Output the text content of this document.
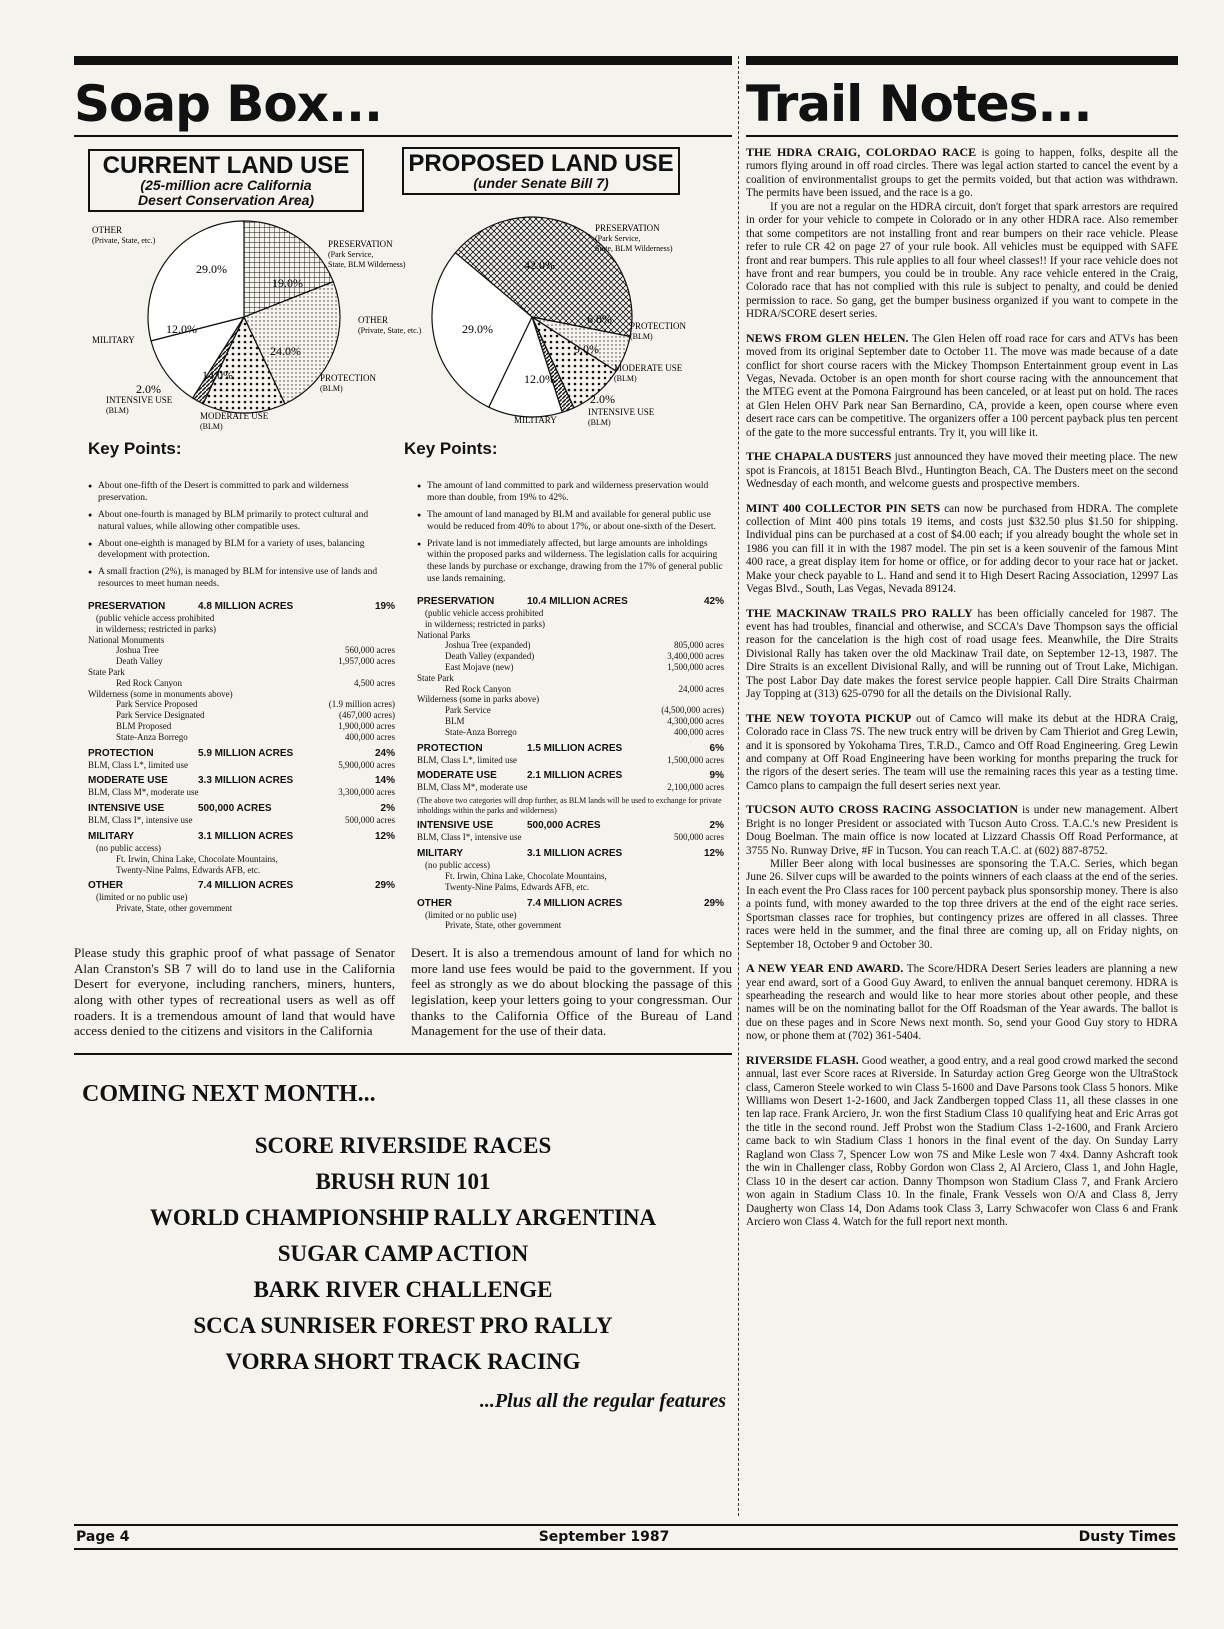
Soap Box...
OTHER
(Private, State, etc.)	PRESERVATION
(Park Service,
State, BLM Wilderness)
MILITARY
INTENSIVE USE
(BLM)
MODERATE USE
(BLM)
PROTECTION
(BLM)
29.0%
19.0%
12.0%
24.0%
14.0%
2.0%
PRESERVATION
(Park Service,
State, BLM Wilderness)
OTHER
(Private, State, etc.)	PROTECTION
(BLM)
MODERATE USE
(BLM)
INTENSIVE USE
(BLM)
MILITARY
42.0%
29.0%
6.0%
9.0%
12.0%
2.0%
CURRENT LAND USE
(25-million acre California
Desert Conservation Area)
PROPOSED LAND USE
(under Senate Bill 7)
Key Points:	Key Points:
● About one-fifth of the Desert is committed to park and wilderness preservation.
● About one-fourth is managed by BLM primarily to protect cultural and natural values, while allowing other compatible uses.
● About one-eighth is managed by BLM for a variety of uses, balancing development with protection.
● A small fraction (2%), is managed by BLM for intensive use of lands and resources to meet human needs.
PRESERVATION	4.8 MILLION ACRES	19%
(public vehicle access prohibited
in wilderness; restricted in parks)
National Monuments
Joshua Tree	560,000 acres
Death Valley	1,957,000 acres
State Park
Red Rock Canyon	4,500 acres
Wilderness (some in monuments above)
Park Service Proposed	(1.9 million acres)
Park Service Designated	(467,000 acres)
BLM Proposed	1,900,000 acres
State-Anza Borrego	400,000 acres
PROTECTION	5.9 MILLION ACRES	24%
BLM, Class L*, limited use	5,900,000 acres
MODERATE USE	3.3 MILLION ACRES	14%
BLM, Class M*, moderate use	3,300,000 acres
INTENSIVE USE	500,000 ACRES	2%
BLM, Class I*, intensive use	500,000 acres
MILITARY	3.1 MILLION ACRES	12%
(no public access)
Ft. Irwin, China Lake, Chocolate Mountains,
Twenty-Nine Palms, Edwards AFB, etc.
OTHER	7.4 MILLION ACRES	29%
(limited or no public use)
Private, State, other government
● The amount of land committed to park and wilderness preservation would more than double, from 19% to 42%.
● The amount of land managed by BLM and available for general public use would be reduced from 40% to about 17%, or about one-sixth of the Desert.
● Private land is not immediately affected, but large amounts are inholdings within the proposed parks and wilderness. The legislation calls for acquiring these lands by purchase or exchange, drawing from the 17% of general public use lands remaining.
PRESERVATION	10.4 MILLION ACRES	42%
(public vehicle access prohibited
in wilderness; restricted in parks)
National Parks
Joshua Tree (expanded)	805,000 acres
Death Valley (expanded)	3,400,000 acres
East Mojave (new)	1,500,000 acres
State Park
Red Rock Canyon	24,000 acres
Wilderness (some in parks above)
Park Service	(4,500,000 acres)
BLM	4,300,000 acres
State-Anza Borrego	400,000 acres
PROTECTION	1.5 MILLION ACRES	6%
BLM, Class L*, limited use	1,500,000 acres
MODERATE USE	2.1 MILLION ACRES	9%
BLM, Class M*, moderate use	2,100,000 acres
(The above two categories will drop further, as BLM lands will be used to exchange for private inholdings within the parks and wilderness)
INTENSIVE USE	500,000 ACRES	2%
BLM, Class I*, intensive use	500,000 acres
MILITARY	3.1 MILLION ACRES	12%
(no public access)
Ft. Irwin, China Lake, Chocolate Mountains,
Twenty-Nine Palms, Edwards AFB, etc.
OTHER	7.4 MILLION ACRES	29%
(limited or no public use)
Private, State, other government
Please study this graphic proof of what passage of Senator Alan Cranston's SB 7 will do to land use in the California Desert for everyone, including ranchers, miners, hunters, along with other types of recreational users as well as off roaders. It is a tremendous amount of land that would have access denied to the citizens and visitors in the California
Desert. It is also a tremendous amount of land for which no more land use fees would be paid to the government. If you feel as strongly as we do about blocking the passage of this legislation, keep your letters going to your congressman. Our thanks to the California Office of the Bureau of Land Management for the use of their data.
COMING NEXT MONTH...
SCORE RIVERSIDE RACES
BRUSH RUN 101
WORLD CHAMPIONSHIP RALLY ARGENTINA
SUGAR CAMP ACTION
BARK RIVER CHALLENGE
SCCA SUNRISER FOREST PRO RALLY
VORRA SHORT TRACK RACING
...Plus all the regular features
Trail Notes...

THE HDRA CRAIG, COLORDAO RACE is going to happen, folks, despite all the rumors flying around in off road circles. There was legal action started to cancel the event by a coalition of environmentalist groups to get the permits voided, but that action was withdrawn. The permits have been issued, and the race is a go.

If you are not a regular on the HDRA circuit, don't forget that spark arrestors are required in order for your vehicle to compete in Colorado or in any other HDRA race. Also remember that some competitors are not installing front and rear bumpers on their race vehicle. Please refer to rule CR 42 on page 27 of your rule book. All vehicles must be equipped with SAFE front and rear bumpers. This rule applies to all four wheel classes!! If your race vehicle does not have front and rear bumpers, you could be in trouble. Any race vehicle entered in the Craig, Colorado race that has not complied with this rule is subject to penalty, and could be denied permission to race. So gang, get the bumper business organized if you want to compete in the HDRA/SCORE desert series.

NEWS FROM GLEN HELEN. The Glen Helen off road race for cars and ATVs has been moved from its original September date to October 11. The move was made because of a date conflict for short course racers with the Mickey Thompson Entertainment group event in Las Vegas, Nevada. October is an open month for short course racing with the announcement that the MTEG event at the Pomona Fairground has been canceled, or at least put on hold. The races at Glen Helen OHV Park near San Bernardino, CA, provide a keen, open course where even desert race cars can be competitive. The organizers offer a 100 percent payback plus ten percent of the gate to the more successful entrants. Try it, you will like it.

THE CHAPALA DUSTERS just announced they have moved their meeting place. The new spot is Francois, at 18151 Beach Blvd., Huntington Beach, CA. The Dusters meet on the second Wednesday of each month, and welcome guests and prospective members.

MINT 400 COLLECTOR PIN SETS can now be purchased from HDRA. The complete collection of Mint 400 pins totals 19 items, and costs just $32.50 plus $1.50 for shipping. Individual pins can be purchased at a cost of $4.00 each; if you already bought the whole set in 1986 you can fill it in with the 1987 model. The pin set is a keen souvenir of the famous Mint 400 race, a great display item for home or office, or for adding decor to your race hat or jacket. Make your check payable to L. Hand and send it to High Desert Racing Association, 12997 Las Vegas Blvd., South, Las Vegas, Nevada 89124.

THE MACKINAW TRAILS PRO RALLY has been officially canceled for 1987. The event has had troubles, financial and otherwise, and SCCA's Dave Thompson says the official reason for the cancelation is the high cost of road usage fees. Meanwhile, the Dire Straits Divisional Rally has taken over the old Mackinaw Trail date, on September 12-13, 1987. The Dire Straits is an excellent Divisional Rally, and will be running out of Trout Lake, Michigan. The post Labor Day date makes the forest service people happier. Call Dire Straits Chairman Jay Topping at (313) 625-0790 for all the details on the Divisional Rally.

THE NEW TOYOTA PICKUP out of Camco will make its debut at the HDRA Craig, Colorado race in Class 7S. The new truck entry will be driven by Cam Thieriot and Greg Lewin, and it is sponsored by Yokohama Tires, T.R.D., Camco and Off Road Engineering. Greg Lewin and company at Off Road Engineering have been working for months preparing the truck for the rigors of the desert series. The team will use the remaining races this year as a testing time. Camco plans to campaign the full desert series next year.

TUCSON AUTO CROSS RACING ASSOCIATION is under new management. Albert Bright is no longer President or associated with Tucson Auto Cross. T.A.C.'s new President is Doug Boelman. The main office is now located at Lizzard Chassis Off Road Performance, at 3755 No. Runway Drive, #F in Tucson. You can reach T.A.C. at (602) 887-8752.

Miller Beer along with local businesses are sponsoring the T.A.C. Series, which began June 26. Silver cups will be awarded to the points winners of each claass at the end of the series. In each event the Pro Class races for 100 percent payback plus sponsorship money. There is also a points fund, with money awarded to the top three drivers at the end of the eight race series. Sportsman classes race for trophies, but contingency prizes are offered in all classes. Three races were held in the summer, and the final three are coming up, all on Friday nights, on September 18, October 9 and October 30.

A NEW YEAR END AWARD. The Score/HDRA Desert Series leaders are planning a new year end award, sort of a Good Guy Award, to enliven the annual banquet ceremony. HDRA is spearheading the research and would like to hear more stories about other people, and these names will be on the nominating ballot for the Off Roadsman of the Year awards. The ballot is due on these pages and in Score News next month. So, send your Good Guy story to HDRA now, or phone them at (702) 361-5404.

RIVERSIDE FLASH. Good weather, a good entry, and a real good crowd marked the second annual, last ever Score races at Riverside. In Saturday action Greg George won the UltraStock class, Cameron Steele worked to win Class 5-1600 and Dave Parsons took Class 5 honors. Mike Williams won Desert 1-2-1600, and Jack Zandbergen topped Class 11, all these classes in one ten lap race. Frank Arciero, Jr. won the first Stadium Class 10 qualifying heat and Eric Arras got the title in the second round. Jeff Probst won the Stadium Class 1-2-1600, and Frank Arciero came back to win Stadium Class 1 honors in the final event of the day. On Sunday Larry Ragland won Class 7, Spencer Low won 7S and Mike Lesle won 7 4x4. Danny Ashcraft took the win in Challenger class, Robby Gordon won Class 2, Al Arciero, Class 1, and John Hagle, Class 10 in the desert car action. Danny Thompson won Stadium Class 7, and Frank Arciero won again in Stadium Class 10. In the finale, Frank Vessels won O/A and Class 8, Jerry Daugherty won Class 14, Don Adams took Class 3, Larry Schwacofer won Class 6 and Frank Arciero won Class 4. Watch for the full report next month.

Page 4	September 1987	Dusty Times
